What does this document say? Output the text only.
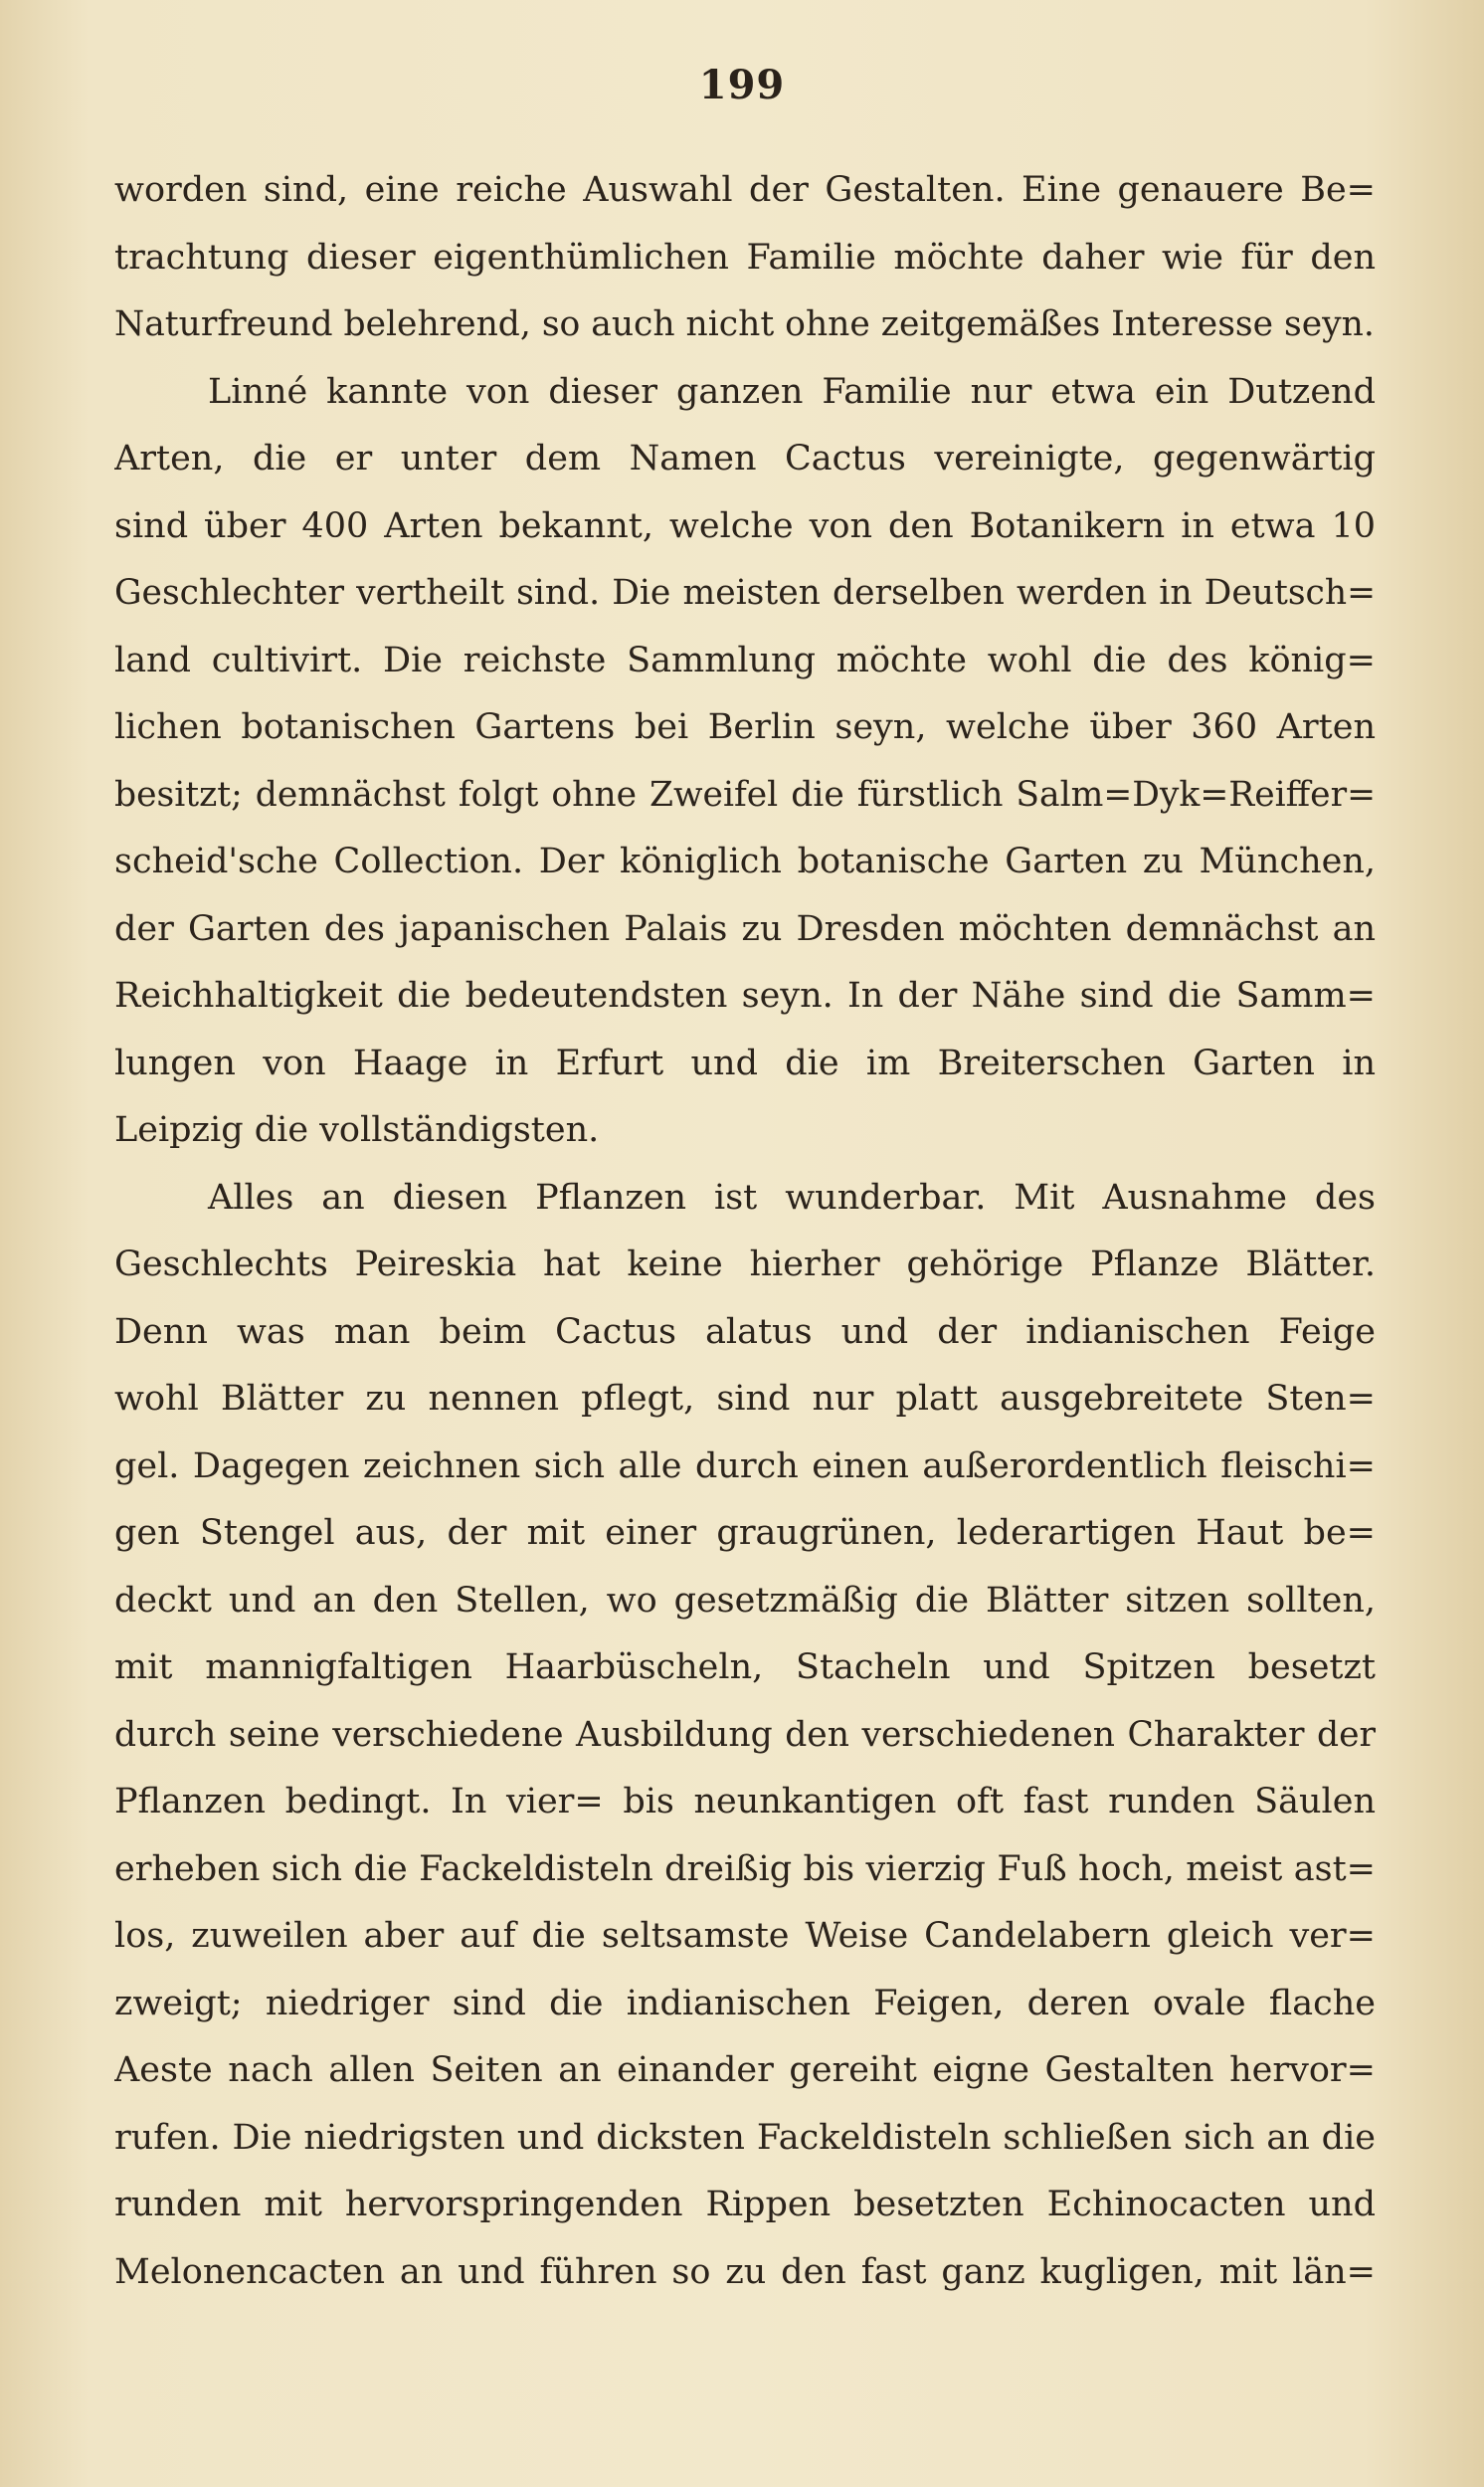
199
worden sind, eine reiche Auswahl der Gestalten. Eine genauere Be=
trachtung dieser eigenthümlichen Familie möchte daher wie für den
Naturfreund belehrend, so auch nicht ohne zeitgemäßes Interesse seyn.
Linné kannte von dieser ganzen Familie nur etwa ein Dutzend
Arten, die er unter dem Namen Cactus vereinigte, gegenwärtig
sind über 400 Arten bekannt, welche von den Botanikern in etwa 10
Geschlechter vertheilt sind. Die meisten derselben werden in Deutsch=
land cultivirt. Die reichste Sammlung möchte wohl die des könig=
lichen botanischen Gartens bei Berlin seyn, welche über 360 Arten
besitzt; demnächst folgt ohne Zweifel die fürstlich Salm=Dyk=Reiffer=
scheid'sche Collection. Der königlich botanische Garten zu München,
der Garten des japanischen Palais zu Dresden möchten demnächst an
Reichhaltigkeit die bedeutendsten seyn. In der Nähe sind die Samm=
lungen von Haage in Erfurt und die im Breiterschen Garten in
Leipzig die vollständigsten.
Alles an diesen Pflanzen ist wunderbar. Mit Ausnahme des
Geschlechts Peireskia hat keine hierher gehörige Pflanze Blätter.
Denn was man beim Cactus alatus und der indianischen Feige
wohl Blätter zu nennen pflegt, sind nur platt ausgebreitete Sten=
gel. Dagegen zeichnen sich alle durch einen außerordentlich fleischi=
gen Stengel aus, der mit einer graugrünen, lederartigen Haut be=
deckt und an den Stellen, wo gesetzmäßig die Blätter sitzen sollten,
mit mannigfaltigen Haarbüscheln, Stacheln und Spitzen besetzt
durch seine verschiedene Ausbildung den verschiedenen Charakter der
Pflanzen bedingt. In vier= bis neunkantigen oft fast runden Säulen
erheben sich die Fackeldisteln dreißig bis vierzig Fuß hoch, meist ast=
los, zuweilen aber auf die seltsamste Weise Candelabern gleich ver=
zweigt; niedriger sind die indianischen Feigen, deren ovale flache
Aeste nach allen Seiten an einander gereiht eigne Gestalten hervor=
rufen. Die niedrigsten und dicksten Fackeldisteln schließen sich an die
runden mit hervorspringenden Rippen besetzten Echinocacten und
Melonencacten an und führen so zu den fast ganz kugligen, mit län=
